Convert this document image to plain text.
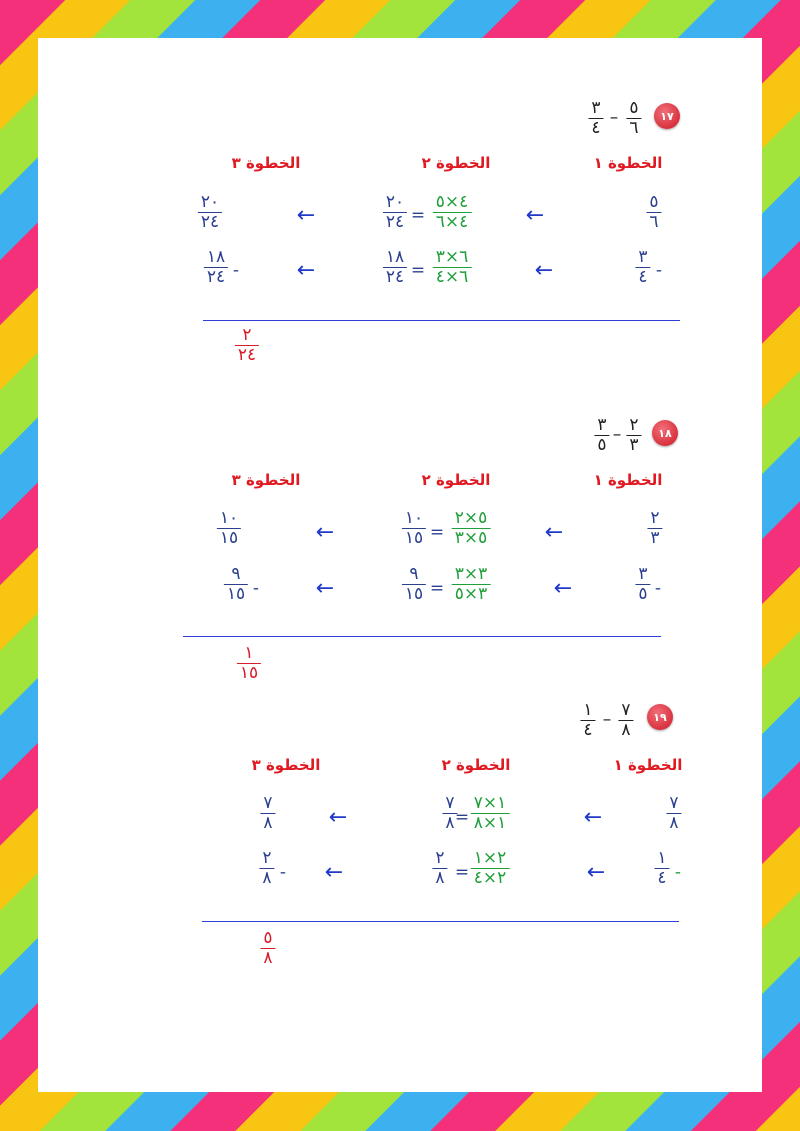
١٧
٥
٦
–
٣
٤
الخطوة ١
الخطوة ٢
الخطوة ٣
٥
٦
←
٤×٥
٤×٦
=
٢٠
٢٤
←
٢٠
٢٤
-
٣
٤
←
٦×٣
٦×٤
=
١٨
٢٤
←
-
١٨
٢٤
٢
٢٤
١٨
٢
٣
–
٣
٥
الخطوة ١
الخطوة ٢
الخطوة ٣
٢
٣
←
٥×٢
٥×٣
=
١٠
١٥
←
١٠
١٥
-
٣
٥
←
٣×٣
٣×٥
=
٩
١٥
←
-
٩
١٥
١
١٥
١٩
٧
٨
–
١
٤
الخطوة ١
الخطوة ٢
الخطوة ٣
٧
٨
←
١×٧
١×٨
=
٧
٨
←
٧
٨
-
١
٤
←
٢×١
٢×٤
=
٢
٨
←
-
٢
٨
٥
٨
